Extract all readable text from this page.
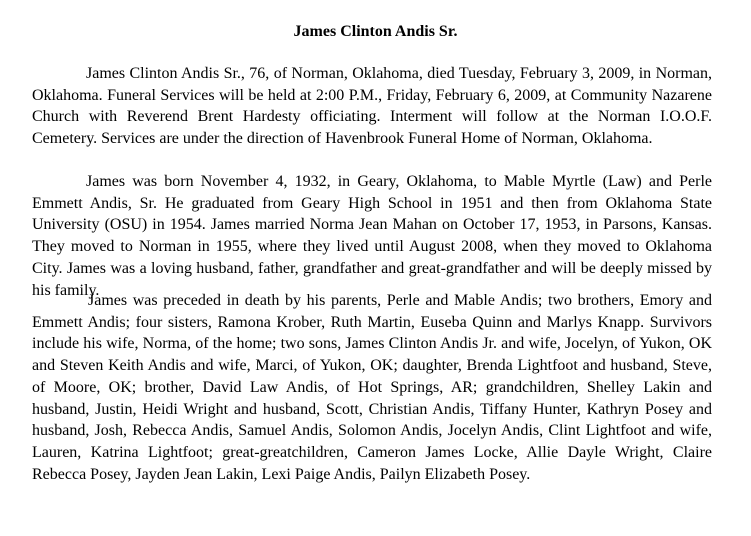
James Clinton Andis Sr.

James Clinton Andis Sr., 76, of Norman, Oklahoma, died Tuesday, February 3, 2009, in Norman, Oklahoma. Funeral Services will be held at 2:00 P.M., Friday, February 6, 2009, at Community Nazarene Church with Reverend Brent Hardesty officiating. Interment will follow at the Norman I.O.O.F. Cemetery. Services are under the direction of Havenbrook Funeral Home of Norman, Oklahoma.

James was born November 4, 1932, in Geary, Oklahoma, to Mable Myrtle (Law) and Perle Emmett Andis, Sr. He graduated from Geary High School in 1951 and then from Oklahoma State University (OSU) in 1954. James married Norma Jean Mahan on October 17, 1953, in Parsons, Kansas. They moved to Norman in 1955, where they lived until August 2008, when they moved to Oklahoma City. James was a loving husband, father, grandfather and great-grandfather and will be deeply missed by his family.

James was preceded in death by his parents, Perle and Mable Andis; two brothers, Emory and Emmett Andis; four sisters, Ramona Krober, Ruth Martin, Euseba Quinn and Marlys Knapp. Survivors include his wife, Norma, of the home; two sons, James Clinton Andis Jr. and wife, Jocelyn, of Yukon, OK and Steven Keith Andis and wife, Marci, of Yukon, OK; daughter, Brenda Lightfoot and husband, Steve, of Moore, OK; brother, David Law Andis, of Hot Springs, AR; grandchildren, Shelley Lakin and husband, Justin, Heidi Wright and husband, Scott, Christian Andis, Tiffany Hunter, Kathryn Posey and husband, Josh, Rebecca Andis, Samuel Andis, Solomon Andis, Jocelyn Andis, Clint Lightfoot and wife, Lauren, Katrina Lightfoot; great-greatchildren, Cameron James Locke, Allie Dayle Wright, Claire Rebecca Posey, Jayden Jean Lakin, Lexi Paige Andis, Pailyn Elizabeth Posey.
